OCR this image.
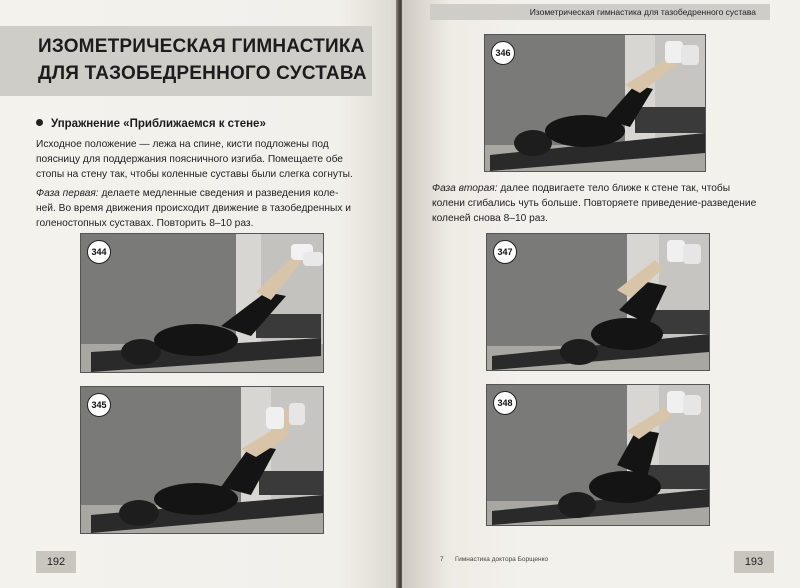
ИЗОМЕТРИЧЕСКАЯ ГИМНАСТИКА
ДЛЯ ТАЗОБЕДРЕННОГО СУСТАВА
Упражнение «Приближаемся к стене»
Исходное положение — лежа на спине, кисти подложены под
поясницу для поддержания поясничного изгиба. Помещаете обе
стопы на стену так, чтобы коленные суставы были слегка согнуты.
Фаза первая: делаете медленные сведения и разведения коле-
ней. Во время движения происходит движение в тазобедренных и
голеностопных суставах. Повторить 8–10 раз.
344
345
192
Изометрическая гимнастика для тазобедренного сустава
346
Фаза вторая: далее подвигаете тело ближе к стене так, чтобы
колени сгибались чуть больше. Повторяете приведение-разведение
коленей снова 8–10 раз.
347
348
7 Гимнастика доктора Борщенко	193
